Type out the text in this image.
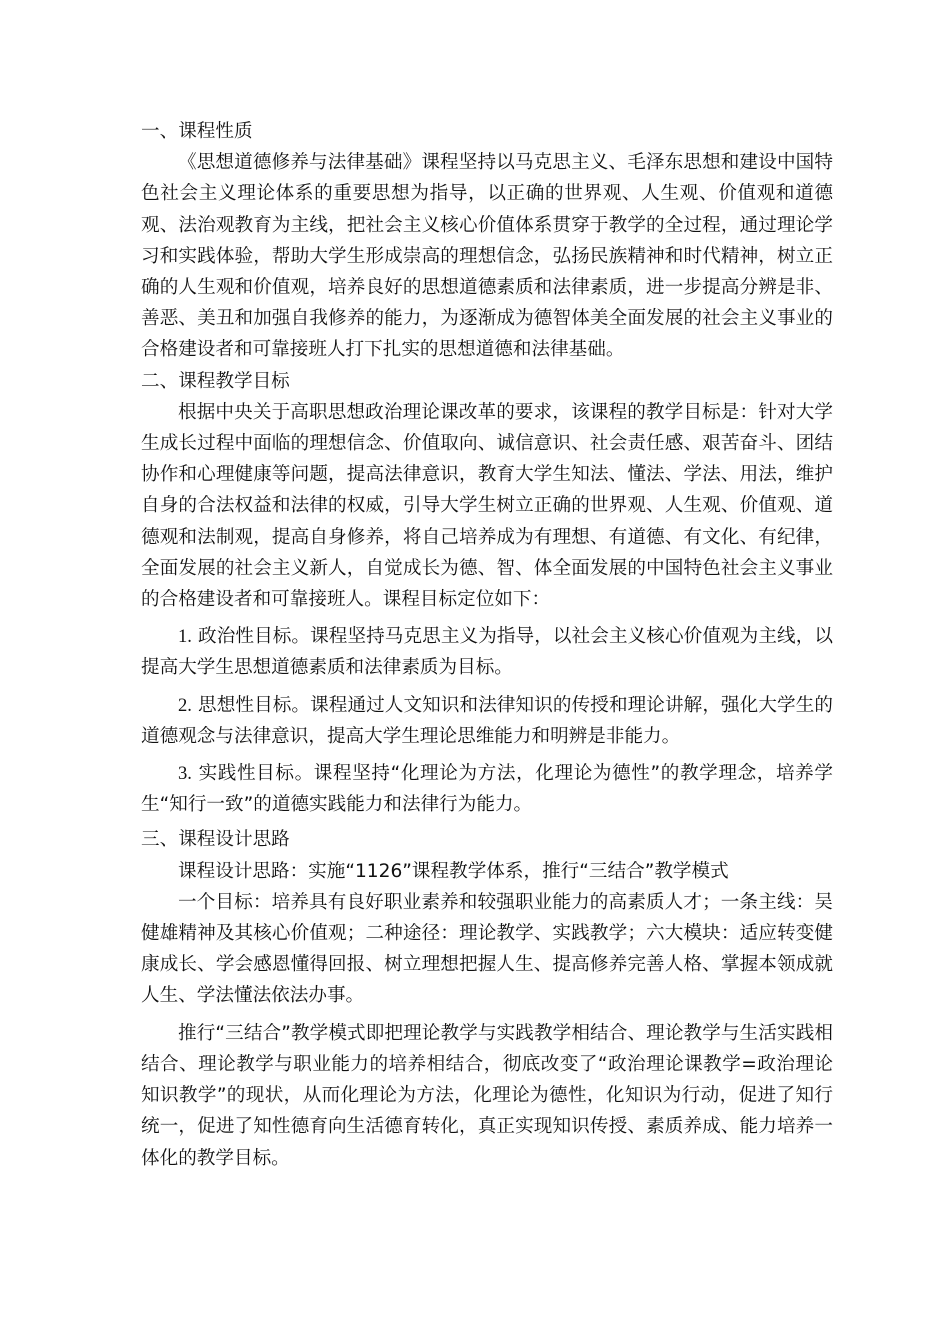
一、课程性质

《思想道德修养与法律基础》课程坚持以马克思主义、毛泽东思想和建设中国特色社会主义理论体系的重要思想为指导，以正确的世界观、人生观、价值观和道德观、法治观教育为主线，把社会主义核心价值体系贯穿于教学的全过程，通过理论学习和实践体验，帮助大学生形成崇高的理想信念，弘扬民族精神和时代精神，树立正确的人生观和价值观，培养良好的思想道德素质和法律素质，进一步提高分辨是非、善恶、美丑和加强自我修养的能力，为逐渐成为德智体美全面发展的社会主义事业的合格建设者和可靠接班人打下扎实的思想道德和法律基础。

二、课程教学目标

根据中央关于高职思想政治理论课改革的要求，该课程的教学目标是：针对大学生成长过程中面临的理想信念、价值取向、诚信意识、社会责任感、艰苦奋斗、团结协作和心理健康等问题，提高法律意识，教育大学生知法、懂法、学法、用法，维护自身的合法权益和法律的权威，引导大学生树立正确的世界观、人生观、价值观、道德观和法制观，提高自身修养，将自己培养成为有理想、有道德、有文化、有纪律，全面发展的社会主义新人，自觉成长为德、智、体全面发展的中国特色社会主义事业的合格建设者和可靠接班人。课程目标定位如下：

1. 政治性目标。课程坚持马克思主义为指导，以社会主义核心价值观为主线，以提高大学生思想道德素质和法律素质为目标。

2. 思想性目标。课程通过人文知识和法律知识的传授和理论讲解，强化大学生的道德观念与法律意识，提高大学生理论思维能力和明辨是非能力。

3. 实践性目标。课程坚持“化理论为方法，化理论为德性”的教学理念，培养学生“知行一致”的道德实践能力和法律行为能力。

三、课程设计思路

课程设计思路：实施“1126”课程教学体系，推行“三结合”教学模式

一个目标：培养具有良好职业素养和较强职业能力的高素质人才；一条主线：吴健雄精神及其核心价值观；二种途径：理论教学、实践教学；六大模块：适应转变健康成长、学会感恩懂得回报、树立理想把握人生、提高修养完善人格、掌握本领成就人生、学法懂法依法办事。

推行“三结合”教学模式即把理论教学与实践教学相结合、理论教学与生活实践相结合、理论教学与职业能力的培养相结合，彻底改变了“政治理论课教学=政治理论知识教学”的现状，从而化理论为方法，化理论为德性，化知识为行动，促进了知行统一，促进了知性德育向生活德育转化，真正实现知识传授、素质养成、能力培养一体化的教学目标。
